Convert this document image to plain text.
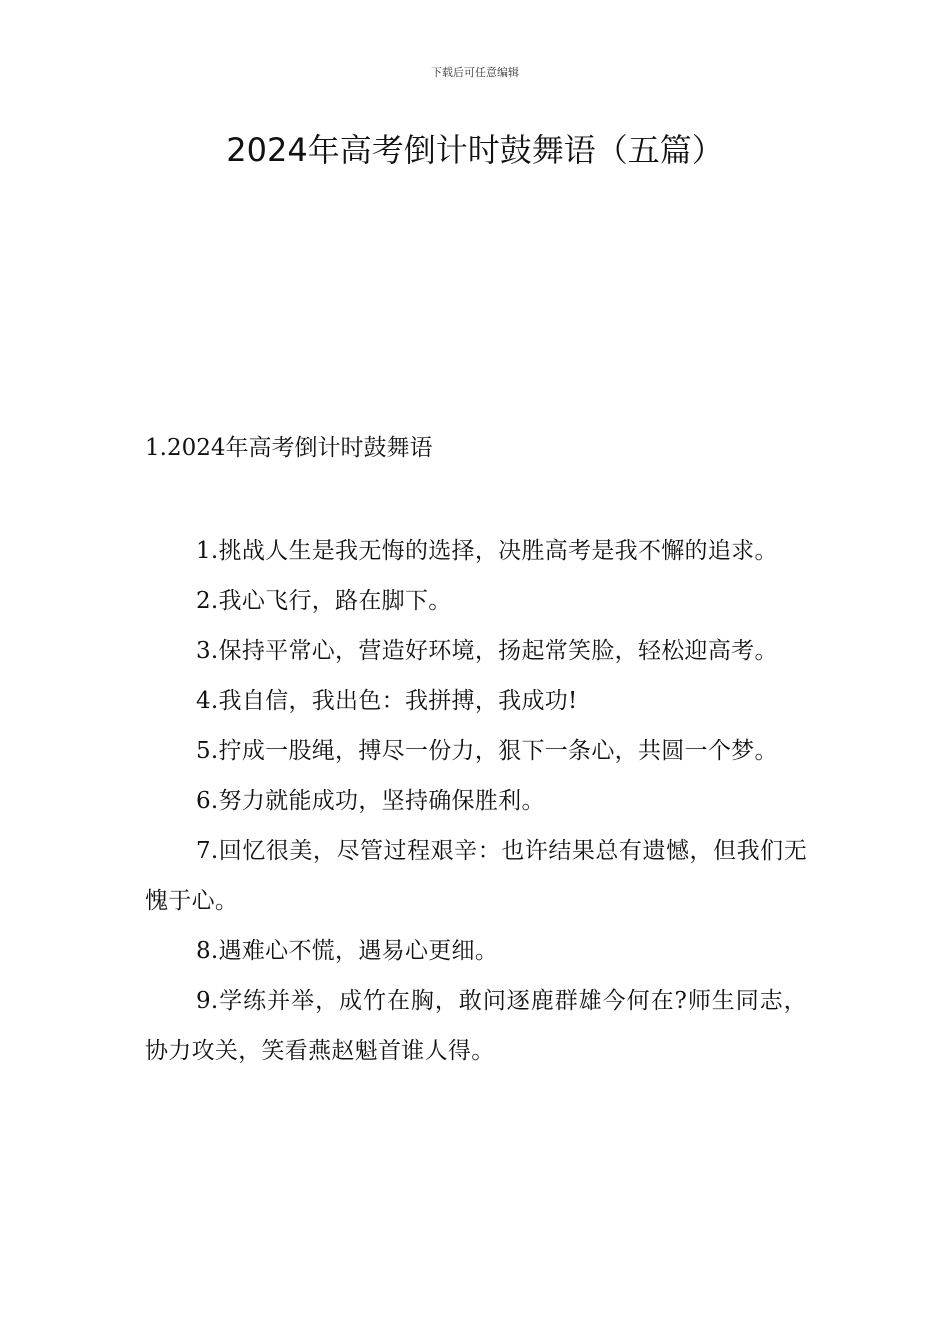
下载后可任意编辑
2024年高考倒计时鼓舞语（五篇）
1.2024年高考倒计时鼓舞语

1.挑战人生是我无悔的选择，决胜高考是我不懈的追求。

2.我心飞行，路在脚下。

3.保持平常心，营造好环境，扬起常笑脸，轻松迎高考。

4.我自信，我出色：我拼搏，我成功!

5.拧成一股绳，搏尽一份力，狠下一条心，共圆一个梦。

6.努力就能成功，坚持确保胜利。

7.回忆很美，尽管过程艰辛：也许结果总有遗憾，但我们无愧于心。

8.遇难心不慌，遇易心更细。

9.学练并举，成竹在胸，敢问逐鹿群雄今何在?师生同志，协力攻关，笑看燕赵魁首谁人得。
